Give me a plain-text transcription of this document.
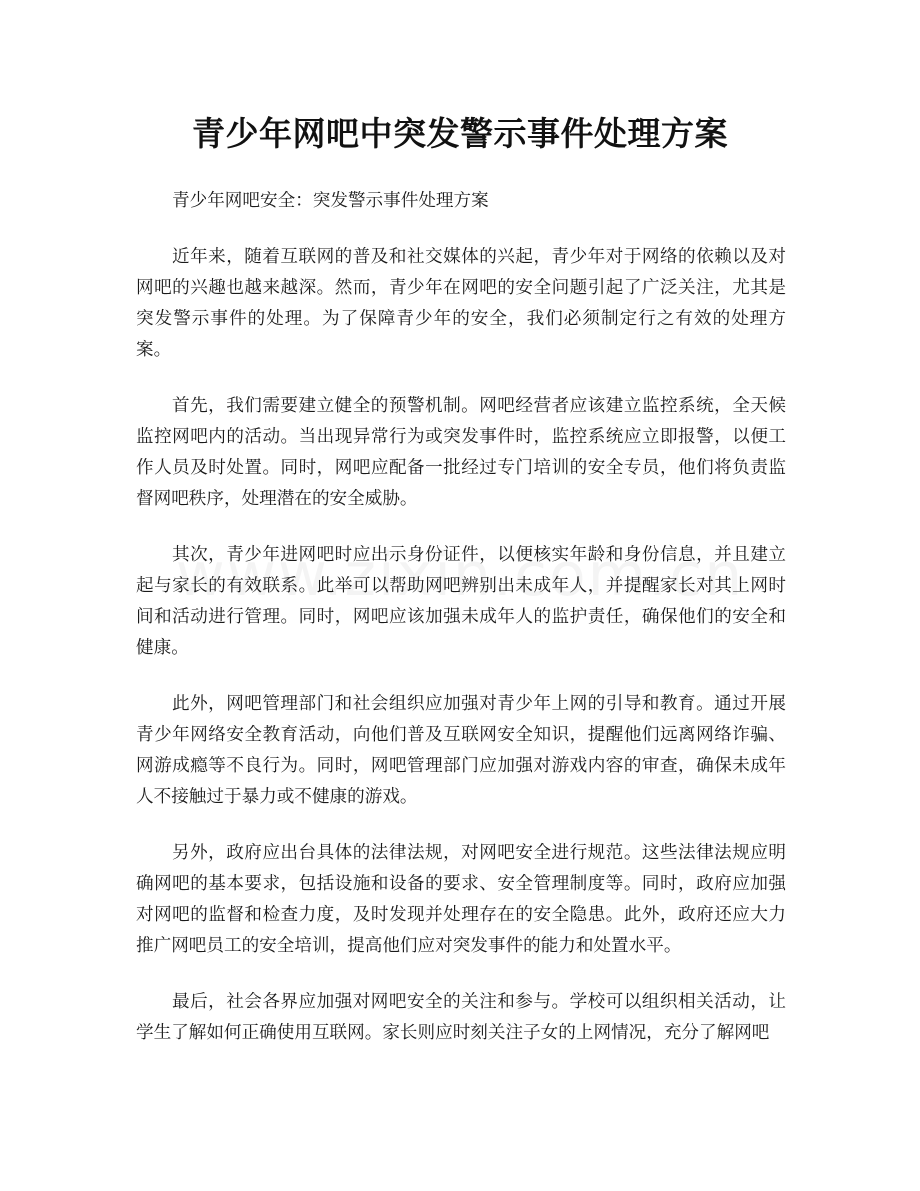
青少年网吧中突发警示事件处理方案

青少年网吧安全：突发警示事件处理方案

近年来，随着互联网的普及和社交媒体的兴起，青少年对于网络的依赖以及对网吧的兴趣也越来越深。然而，青少年在网吧的安全问题引起了广泛关注，尤其是突发警示事件的处理。为了保障青少年的安全，我们必须制定行之有效的处理方案。

首先，我们需要建立健全的预警机制。网吧经营者应该建立监控系统，全天候监控网吧内的活动。当出现异常行为或突发事件时，监控系统应立即报警，以便工作人员及时处置。同时，网吧应配备一批经过专门培训的安全专员，他们将负责监督网吧秩序，处理潜在的安全威胁。

其次，青少年进网吧时应出示身份证件，以便核实年龄和身份信息，并且建立起与家长的有效联系。此举可以帮助网吧辨别出未成年人，并提醒家长对其上网时间和活动进行管理。同时，网吧应该加强未成年人的监护责任，确保他们的安全和健康。

此外，网吧管理部门和社会组织应加强对青少年上网的引导和教育。通过开展青少年网络安全教育活动，向他们普及互联网安全知识，提醒他们远离网络诈骗、网游成瘾等不良行为。同时，网吧管理部门应加强对游戏内容的审查，确保未成年人不接触过于暴力或不健康的游戏。

另外，政府应出台具体的法律法规，对网吧安全进行规范。这些法律法规应明确网吧的基本要求，包括设施和设备的要求、安全管理制度等。同时，政府应加强对网吧的监督和检查力度，及时发现并处理存在的安全隐患。此外，政府还应大力推广网吧员工的安全培训，提高他们应对突发事件的能力和处置水平。

最后，社会各界应加强对网吧安全的关注和参与。学校可以组织相关活动，让学生了解如何正确使用互联网。家长则应时刻关注子女的上网情况，充分了解网吧
